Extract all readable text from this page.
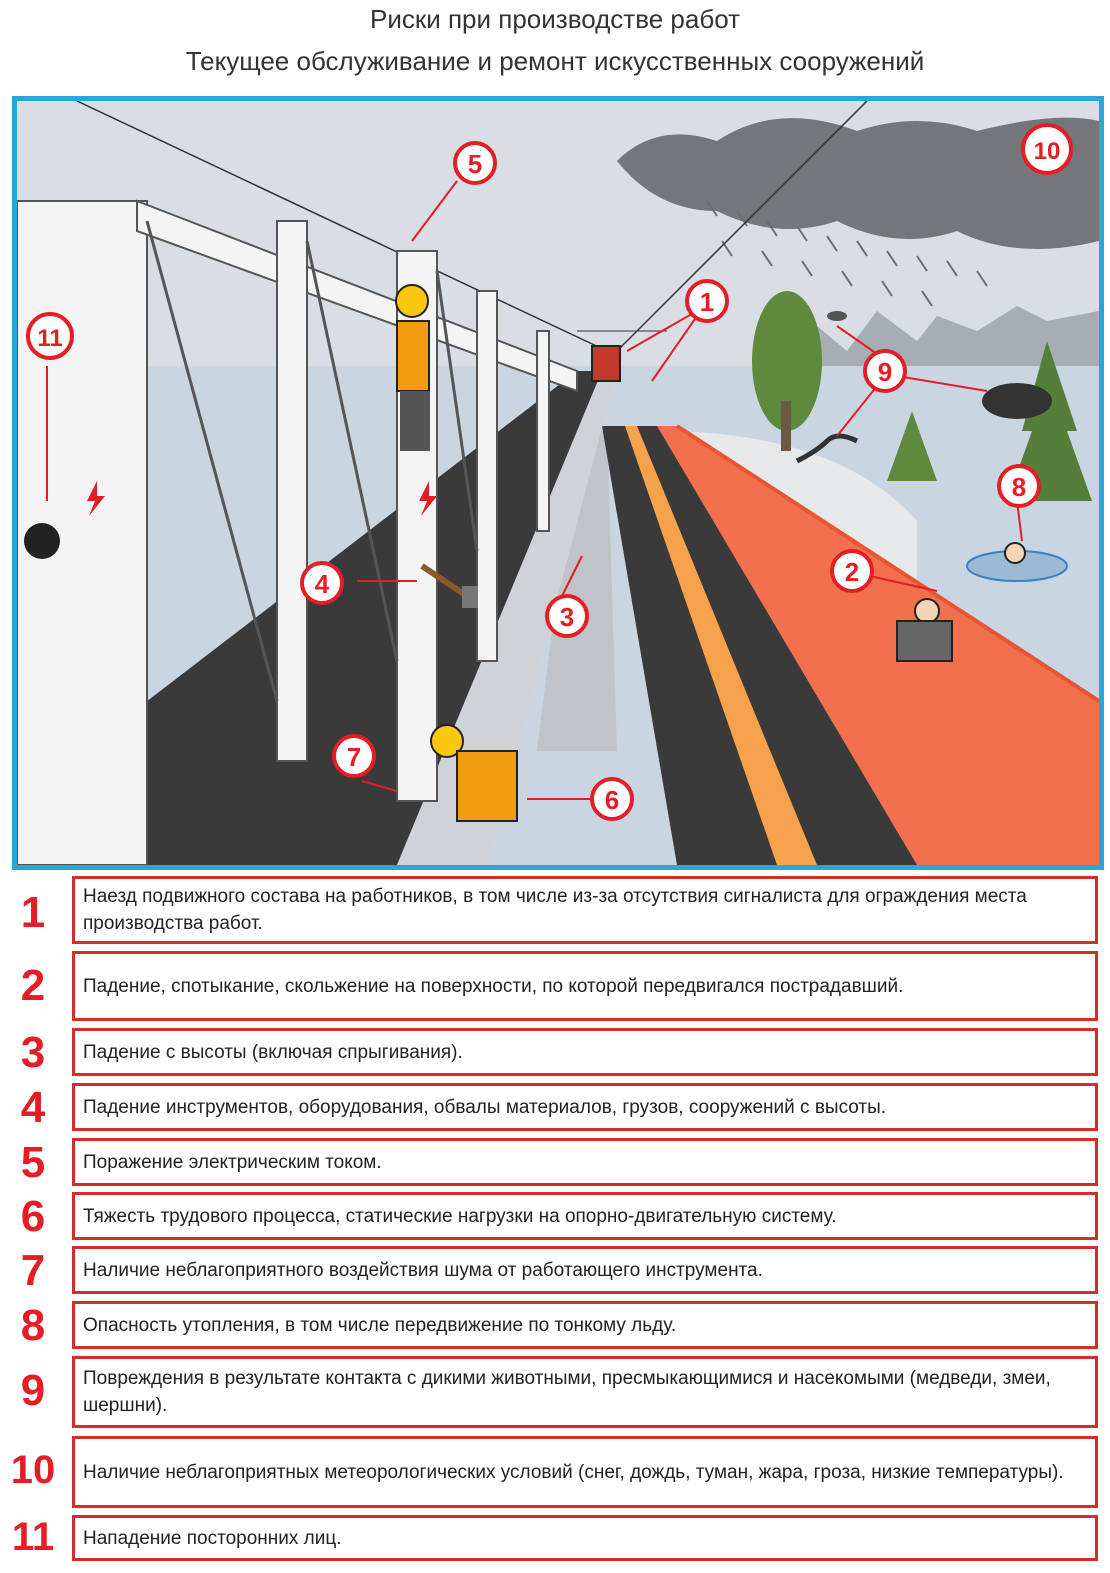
Риски при производстве работ
Текущее обслуживание и ремонт искусственных сооружений
1
2
3
4
5
6
7
8
9
10
11
1	Наезд подвижного состава на работников, в том числе из-за отсутствия сигналиста для ограждения места производства работ.
2	Падение, спотыкание, скольжение на поверхности, по которой передвигался пострадавший.
3	Падение с высоты (включая спрыгивания).
4	Падение инструментов, оборудования, обвалы материалов, грузов, сооружений с высоты.
5	Поражение электрическим током.
6	Тяжесть трудового процесса, статические нагрузки на опорно-двигательную систему.
7	Наличие неблагоприятного воздействия шума от работающего инструмента.
8	Опасность утопления, в том числе передвижение по тонкому льду.
9	Повреждения в результате контакта с дикими животными, пресмыкающимися и насекомыми (медведи, змеи, шершни).
10	Наличие неблагоприятных метеорологических условий (снег, дождь, туман, жара, гроза, низкие температуры).
11	Нападение посторонних лиц.
